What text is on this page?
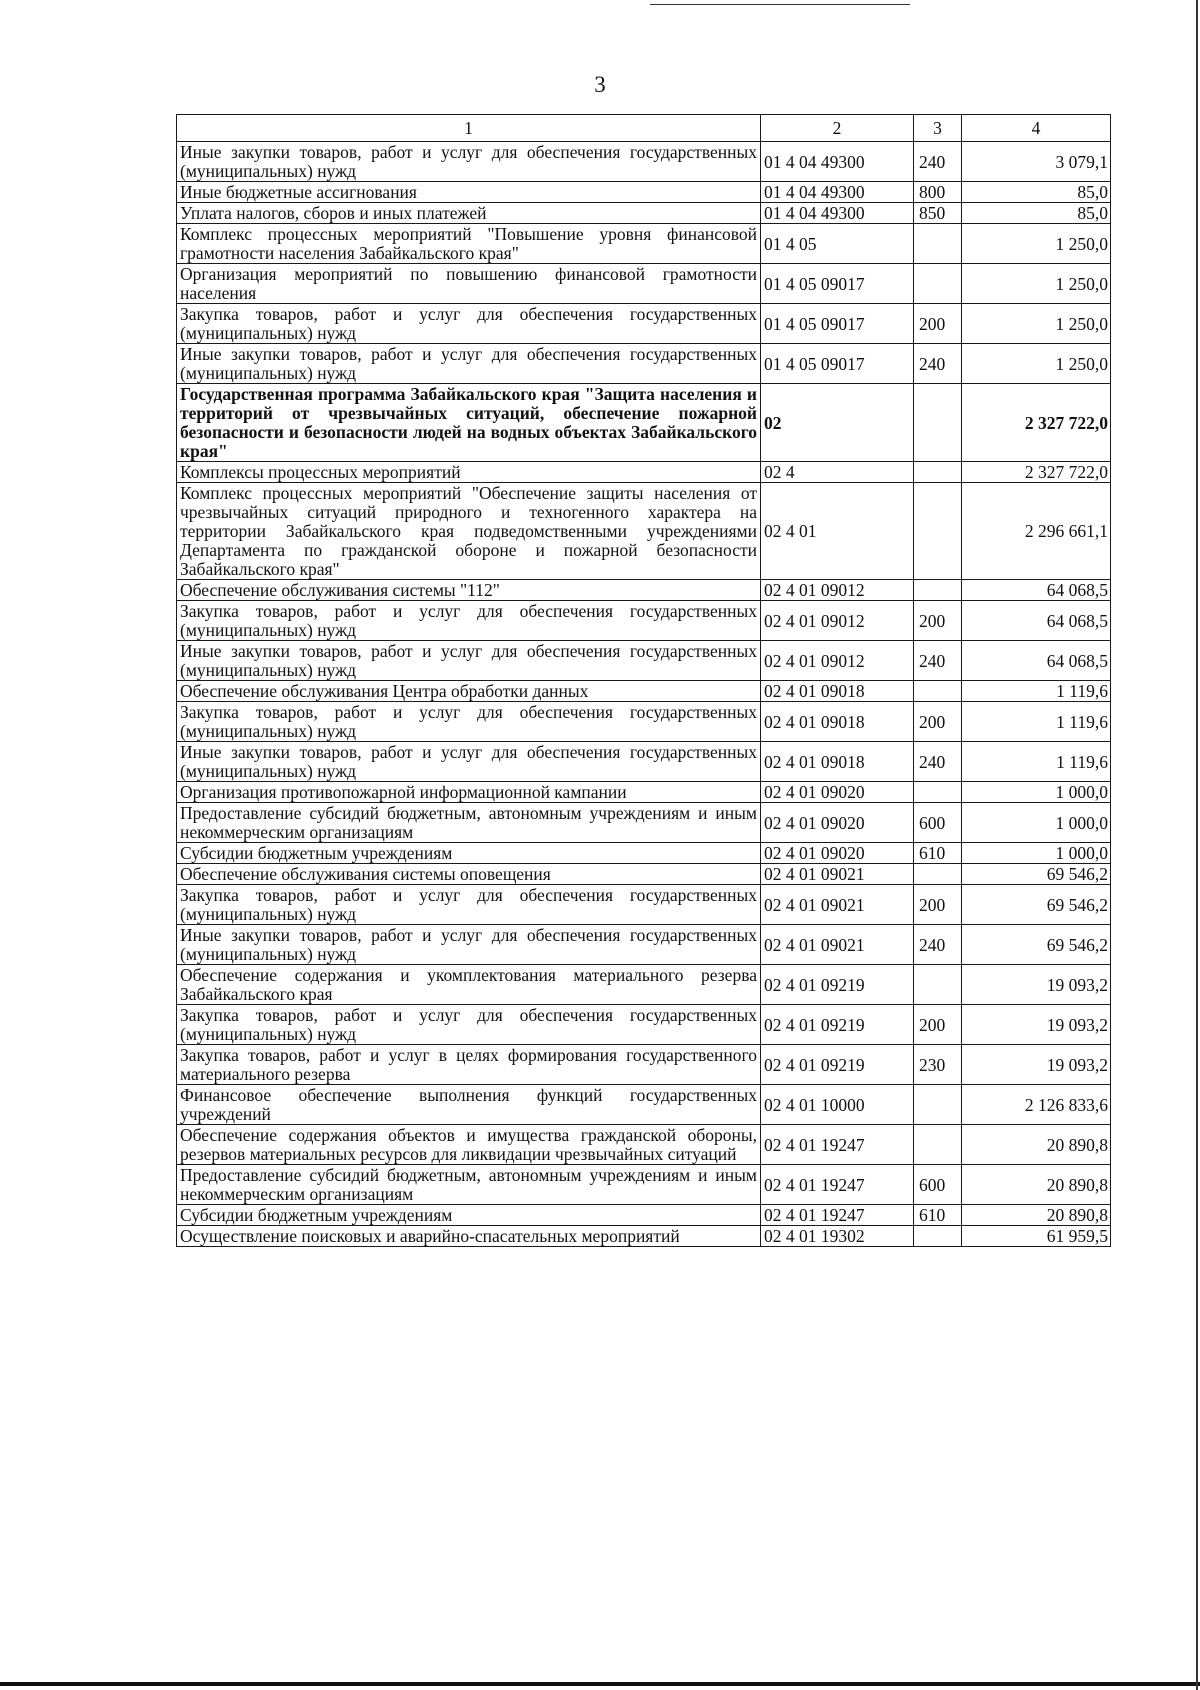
3
1	2	3	4
Иные закупки товаров, работ и услуг для обеспечения государственных (муниципальных) нужд	01 4 04 49300	240	3 079,1
Иные бюджетные ассигнования	01 4 04 49300	800	85,0
Уплата налогов, сборов и иных платежей	01 4 04 49300	850	85,0
Комплекс процессных мероприятий "Повышение уровня финансовой грамотности населения Забайкальского края"	01 4 05		1 250,0
Организация мероприятий по повышению финансовой грамотности населения	01 4 05 09017		1 250,0
Закупка товаров, работ и услуг для обеспечения государственных (муниципальных) нужд	01 4 05 09017	200	1 250,0
Иные закупки товаров, работ и услуг для обеспечения государственных (муниципальных) нужд	01 4 05 09017	240	1 250,0
Государственная программа Забайкальского края "Защита населения и территорий от чрезвычайных ситуаций, обеспечение пожарной безопасности и безопасности людей на водных объектах Забайкальского края"	02		2 327 722,0
Комплексы процессных мероприятий	02 4		2 327 722,0
Комплекс процессных мероприятий "Обеспечение защиты населения от чрезвычайных ситуаций природного и техногенного характера на территории Забайкальского края подведомственными учреждениями Департамента по гражданской обороне и пожарной безопасности Забайкальского края"	02 4 01		2 296 661,1
Обеспечение обслуживания системы "112"	02 4 01 09012		64 068,5
Закупка товаров, работ и услуг для обеспечения государственных (муниципальных) нужд	02 4 01 09012	200	64 068,5
Иные закупки товаров, работ и услуг для обеспечения государственных (муниципальных) нужд	02 4 01 09012	240	64 068,5
Обеспечение обслуживания Центра обработки данных	02 4 01 09018		1 119,6
Закупка товаров, работ и услуг для обеспечения государственных (муниципальных) нужд	02 4 01 09018	200	1 119,6
Иные закупки товаров, работ и услуг для обеспечения государственных (муниципальных) нужд	02 4 01 09018	240	1 119,6
Организация противопожарной информационной кампании	02 4 01 09020		1 000,0
Предоставление субсидий бюджетным, автономным учреждениям и иным некоммерческим организациям	02 4 01 09020	600	1 000,0
Субсидии бюджетным учреждениям	02 4 01 09020	610	1 000,0
Обеспечение обслуживания системы оповещения	02 4 01 09021		69 546,2
Закупка товаров, работ и услуг для обеспечения государственных (муниципальных) нужд	02 4 01 09021	200	69 546,2
Иные закупки товаров, работ и услуг для обеспечения государственных (муниципальных) нужд	02 4 01 09021	240	69 546,2
Обеспечение содержания и укомплектования материального резерва Забайкальского края	02 4 01 09219		19 093,2
Закупка товаров, работ и услуг для обеспечения государственных (муниципальных) нужд	02 4 01 09219	200	19 093,2
Закупка товаров, работ и услуг в целях формирования государственного материального резерва	02 4 01 09219	230	19 093,2
Финансовое обеспечение выполнения функций государственных учреждений	02 4 01 10000		2 126 833,6
Обеспечение содержания объектов и имущества гражданской обороны, резервов материальных ресурсов для ликвидации чрезвычайных ситуаций	02 4 01 19247		20 890,8
Предоставление субсидий бюджетным, автономным учреждениям и иным некоммерческим организациям	02 4 01 19247	600	20 890,8
Субсидии бюджетным учреждениям	02 4 01 19247	610	20 890,8
Осуществление поисковых и аварийно-спасательных мероприятий	02 4 01 19302		61 959,5
